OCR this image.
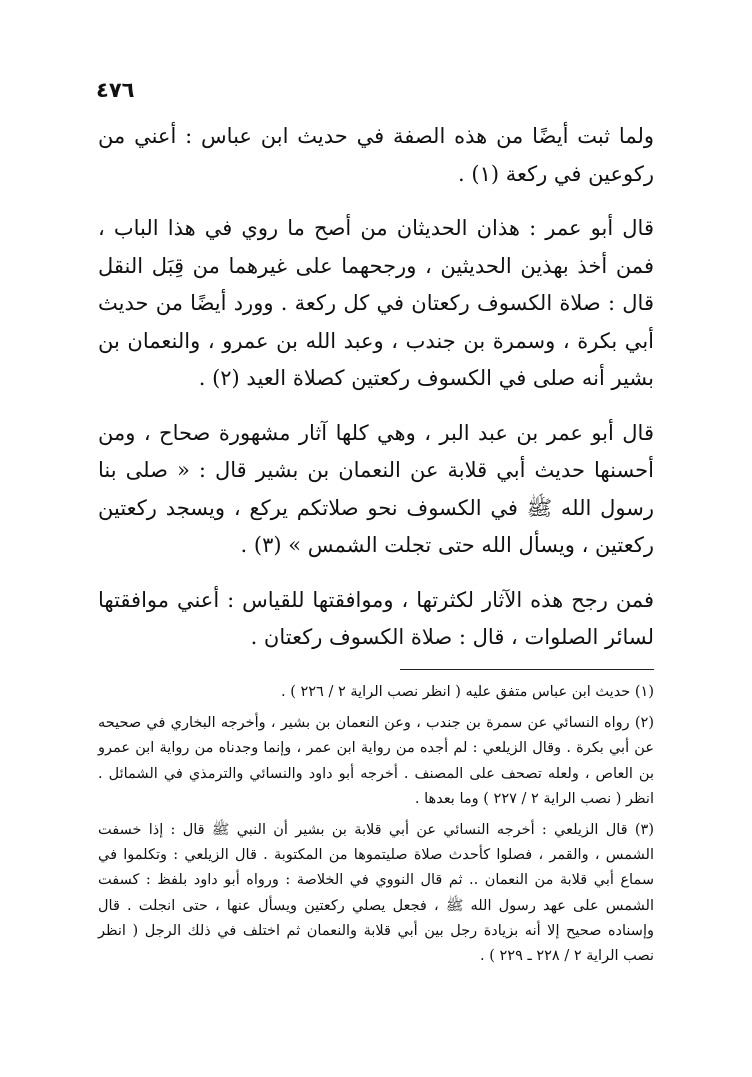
٤٧٦

ولما ثبت أيضًا من هذه الصفة في حديث ابن عباس : أعني من ركوعين في ركعة (١) .

قال أبو عمر : هذان الحديثان من أصح ما روي في هذا الباب ، فمن أخذ بهذين الحديثين ، ورجحهما على غيرهما من قِبَل النقل قال : صلاة الكسوف ركعتان في كل ركعة . وورد أيضًا من حديث أبي بكرة ، وسمرة بن جندب ، وعبد الله بن عمرو ، والنعمان بن بشير أنه صلى في الكسوف ركعتين كصلاة العيد (٢) .

قال أبو عمر بن عبد البر ، وهي كلها آثار مشهورة صحاح ، ومن أحسنها حديث أبي قلابة عن النعمان بن بشير قال : « صلى بنا رسول الله ﷺ في الكسوف نحو صلاتكم يركع ، ويسجد ركعتين ركعتين ، ويسأل الله حتى تجلت الشمس » (٣) .

فمن رجح هذه الآثار لكثرتها ، وموافقتها للقياس : أعني موافقتها لسائر الصلوات ، قال : صلاة الكسوف ركعتان .

(١) حديث ابن عباس متفق عليه ( انظر نصب الراية ٢ / ٢٢٦ ) .

(٢) رواه النسائي عن سمرة بن جندب ، وعن النعمان بن بشير ، وأخرجه البخاري في صحيحه عن أبي بكرة . وقال الزيلعي : لم أجده من رواية ابن عمر ، وإنما وجدناه من رواية ابن عمرو بن العاص ، ولعله تصحف على المصنف . أخرجه أبو داود والنسائي والترمذي في الشمائل . انظر ( نصب الراية ٢ / ٢٢٧ ) وما بعدها .

(٣) قال الزيلعي : أخرجه النسائي عن أبي قلابة بن بشير أن النبي ﷺ قال : إذا خسفت الشمس ، والقمر ، فصلوا كأحدث صلاة صليتموها من المكتوبة . قال الزيلعي : وتكلموا في سماع أبي قلابة من النعمان .. ثم قال النووي في الخلاصة : ورواه أبو داود بلفظ : كسفت الشمس على عهد رسول الله ﷺ ، فجعل يصلي ركعتين ويسأل عنها ، حتى انجلت . قال وإسناده صحيح إلا أنه بزيادة رجل بين أبي قلابة والنعمان ثم اختلف في ذلك الرجل ( انظر نصب الراية ٢ / ٢٢٨ ـ ٢٢٩ ) .
